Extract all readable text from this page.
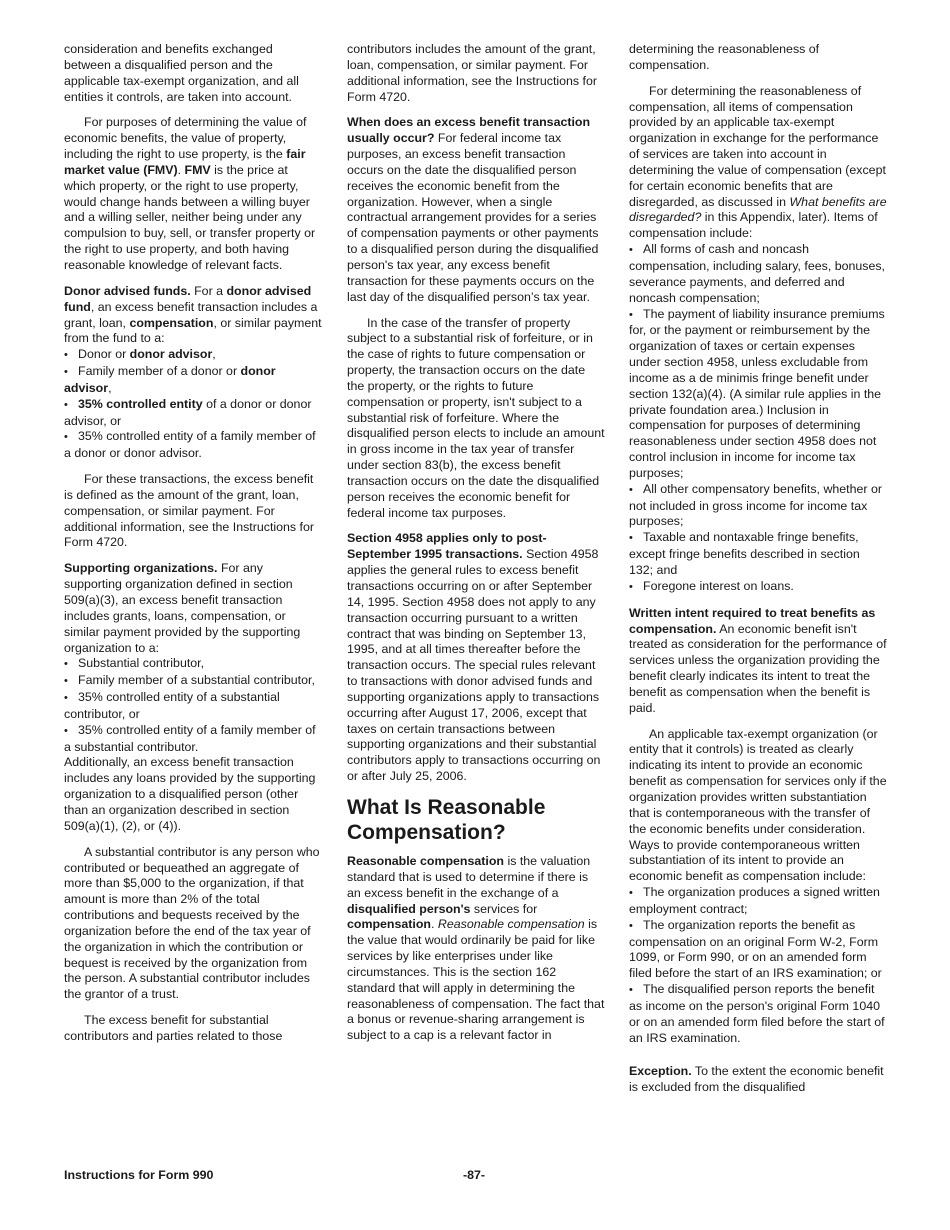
consideration and benefits exchanged between a disqualified person and the applicable tax-exempt organization, and all entities it controls, are taken into account.

For purposes of determining the value of economic benefits, the value of property, including the right to use property, is the fair market value (FMV). FMV is the price at which property, or the right to use property, would change hands between a willing buyer and a willing seller, neither being under any compulsion to buy, sell, or transfer property or the right to use property, and both having reasonable knowledge of relevant facts.

Donor advised funds. For a donor advised fund, an excess benefit transaction includes a grant, loan, compensation, or similar payment from the fund to a:

• Donor or donor advisor,
• Family member of a donor or donor advisor,
• 35% controlled entity of a donor or donor advisor, or
• 35% controlled entity of a family member of a donor or donor advisor.

For these transactions, the excess benefit is defined as the amount of the grant, loan, compensation, or similar payment. For additional information, see the Instructions for Form 4720.

Supporting organizations. For any supporting organization defined in section 509(a)(3), an excess benefit transaction includes grants, loans, compensation, or similar payment provided by the supporting organization to a:

• Substantial contributor,
• Family member of a substantial contributor,
• 35% controlled entity of a substantial contributor, or
• 35% controlled entity of a family member of a substantial contributor.

Additionally, an excess benefit transaction includes any loans provided by the supporting organization to a disqualified person (other than an organization described in section 509(a)(1), (2), or (4)).

A substantial contributor is any person who contributed or bequeathed an aggregate of more than $5,000 to the organization, if that amount is more than 2% of the total contributions and bequests received by the organization before the end of the tax year of the organization in which the contribution or bequest is received by the organization from the person. A substantial contributor includes the grantor of a trust.

The excess benefit for substantial contributors and parties related to those

contributors includes the amount of the grant, loan, compensation, or similar payment. For additional information, see the Instructions for Form 4720.

When does an excess benefit transaction usually occur? For federal income tax purposes, an excess benefit transaction occurs on the date the disqualified person receives the economic benefit from the organization. However, when a single contractual arrangement provides for a series of compensation payments or other payments to a disqualified person during the disqualified person's tax year, any excess benefit transaction for these payments occurs on the last day of the disqualified person’s tax year.

In the case of the transfer of property subject to a substantial risk of forfeiture, or in the case of rights to future compensation or property, the transaction occurs on the date the property, or the rights to future compensation or property, isn't subject to a substantial risk of forfeiture. Where the disqualified person elects to include an amount in gross income in the tax year of transfer under section 83(b), the excess benefit transaction occurs on the date the disqualified person receives the economic benefit for federal income tax purposes.

Section 4958 applies only to post-September 1995 transactions. Section 4958 applies the general rules to excess benefit transactions occurring on or after September 14, 1995. Section 4958 does not apply to any transaction occurring pursuant to a written contract that was binding on September 13, 1995, and at all times thereafter before the transaction occurs. The special rules relevant to transactions with donor advised funds and supporting organizations apply to transactions occurring after August 17, 2006, except that taxes on certain transactions between supporting organizations and their substantial contributors apply to transactions occurring on or after July 25, 2006.

What Is Reasonable Compensation?

Reasonable compensation is the valuation standard that is used to determine if there is an excess benefit in the exchange of a disqualified person's services for compensation. Reasonable compensation is the value that would ordinarily be paid for like services by like enterprises under like circumstances. This is the section 162 standard that will apply in determining the reasonableness of compensation. The fact that a bonus or revenue-sharing arrangement is subject to a cap is a relevant factor in

determining the reasonableness of compensation.

For determining the reasonableness of compensation, all items of compensation provided by an applicable tax-exempt organization in exchange for the performance of services are taken into account in determining the value of compensation (except for certain economic benefits that are disregarded, as discussed in What benefits are disregarded? in this Appendix, later). Items of compensation include:

• All forms of cash and noncash compensation, including salary, fees, bonuses, severance payments, and deferred and noncash compensation;
• The payment of liability insurance premiums for, or the payment or reimbursement by the organization of taxes or certain expenses under section 4958, unless excludable from income as a de minimis fringe benefit under section 132(a)(4). (A similar rule applies in the private foundation area.) Inclusion in compensation for purposes of determining reasonableness under section 4958 does not control inclusion in income for income tax purposes;
• All other compensatory benefits, whether or not included in gross income for income tax purposes;
• Taxable and nontaxable fringe benefits, except fringe benefits described in section 132; and
• Foregone interest on loans.

Written intent required to treat benefits as compensation. An economic benefit isn't treated as consideration for the performance of services unless the organization providing the benefit clearly indicates its intent to treat the benefit as compensation when the benefit is paid.

An applicable tax-exempt organization (or entity that it controls) is treated as clearly indicating its intent to provide an economic benefit as compensation for services only if the organization provides written substantiation that is contemporaneous with the transfer of the economic benefits under consideration. Ways to provide contemporaneous written substantiation of its intent to provide an economic benefit as compensation include:

• The organization produces a signed written employment contract;
• The organization reports the benefit as compensation on an original Form W-2, Form 1099, or Form 990, or on an amended form filed before the start of an IRS examination; or
• The disqualified person reports the benefit as income on the person's original Form 1040 or on an amended form filed before the start of an IRS examination.

Exception. To the extent the economic benefit is excluded from the disqualified

Instructions for Form 990	-87-
